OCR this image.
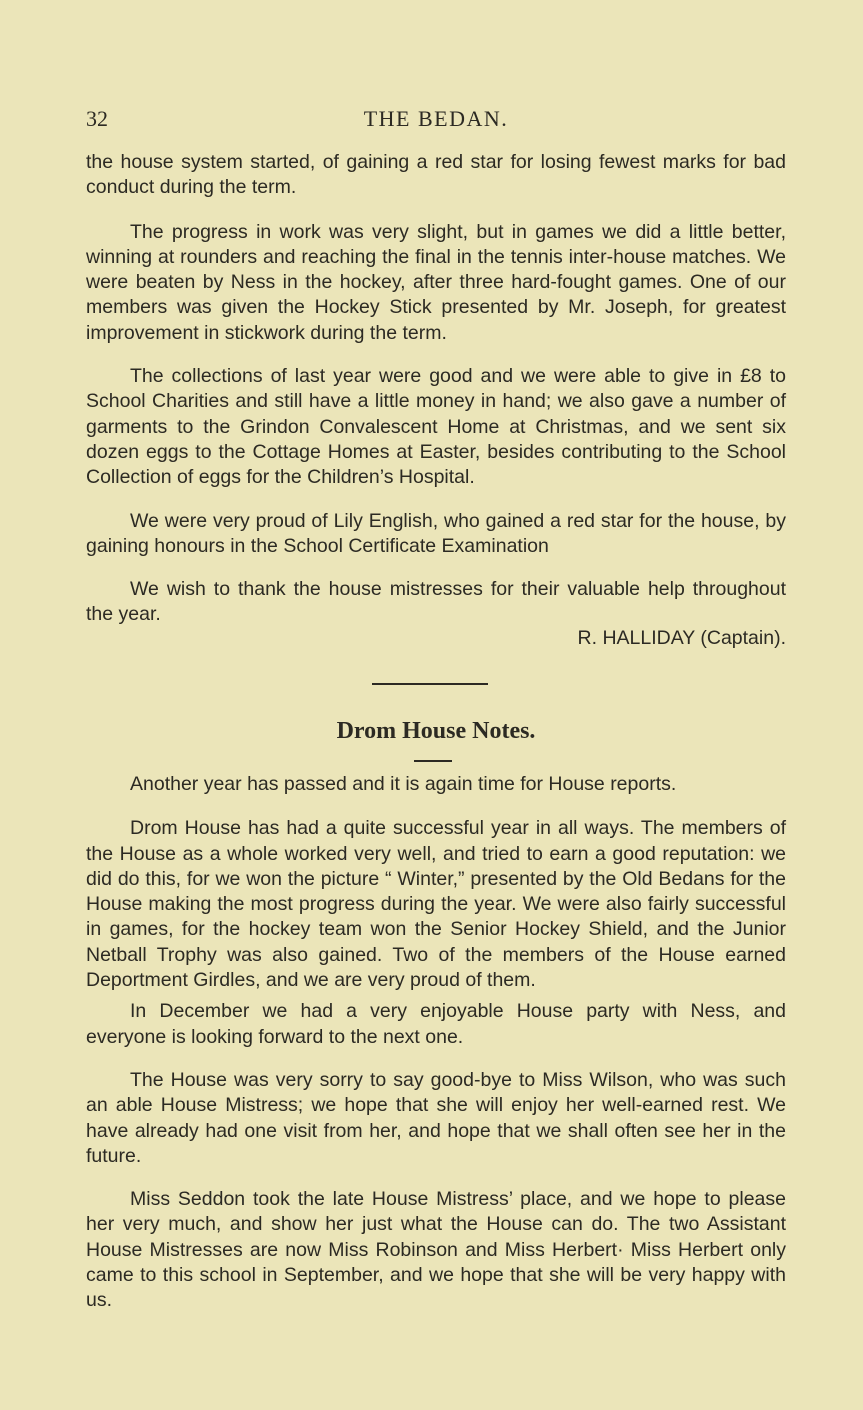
32	THE BEDAN.

the house system started, of gaining a red star for losing fewest marks for bad conduct during the term.

The progress in work was very slight, but in games we did a little better, winning at rounders and reaching the final in the tennis inter-house matches. We were beaten by Ness in the hockey, after three hard-fought games. One of our members was given the Hockey Stick presented by Mr. Joseph, for greatest improvement in stickwork during the term.

The collections of last year were good and we were able to give in £8 to School Charities and still have a little money in hand; we also gave a number of garments to the Grindon Convalescent Home at Christmas, and we sent six dozen eggs to the Cottage Homes at Easter, besides contributing to the School Collection of eggs for the Children’s Hospital.

We were very proud of Lily English, who gained a red star for the house, by gaining honours in the School Certificate Examination

We wish to thank the house mistresses for their valuable help throughout the year.

R. HALLIDAY (Captain).
Drom House Notes.

Another year has passed and it is again time for House reports.

Drom House has had a quite successful year in all ways. The members of the House as a whole worked very well, and tried to earn a good reputation: we did do this, for we won the picture “ Winter,” presented by the Old Bedans for the House making the most progress during the year. We were also fairly successful in games, for the hockey team won the Senior Hockey Shield, and the Junior Netball Trophy was also gained. Two of the members of the House earned Deportment Girdles, and we are very proud of them.

In December we had a very enjoyable House party with Ness, and everyone is looking forward to the next one.

The House was very sorry to say good-bye to Miss Wilson, who was such an able House Mistress; we hope that she will enjoy her well-earned rest. We have already had one visit from her, and hope that we shall often see her in the future.

Miss Seddon took the late House Mistress’ place, and we hope to please her very much, and show her just what the House can do. The two Assistant House Mistresses are now Miss Robinson and Miss Herbert· Miss Herbert only came to this school in September, and we hope that she will be very happy with us.
